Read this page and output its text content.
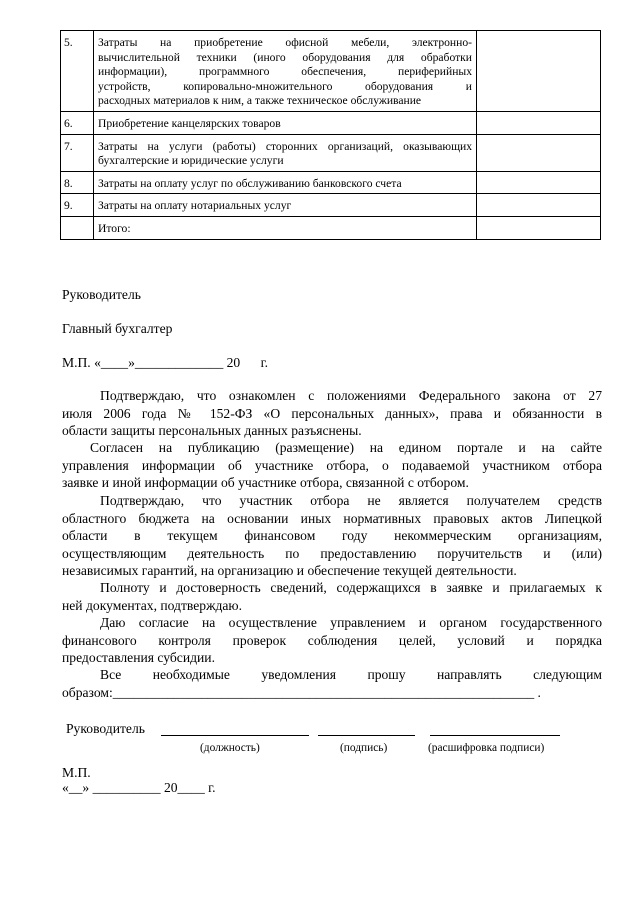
5.	Затраты на приобретение офисной мебели, электронно-
вычислительной техники (иного оборудования для обработки
информации), программного обеспечения, периферийных
устройств, копировально-множительного оборудования и
расходных материалов к ним, а также техническое обслуживание	

6.	Приобретение канцелярских товаров	

7.	Затраты на услуги (работы) сторонних организаций, оказывающих
бухгалтерские и юридические услуги	

8.	Затраты на оплату услуг по обслуживанию банковского счета	

9.	Затраты на оплату нотариальных услуг	

	Итого:	

Руководитель
Главный бухгалтер
М.П. «____»_____________ 20      г.
Подтверждаю, что ознакомлен с положениями Федерального закона от 27
июля 2006 года № 152-ФЗ «О персональных данных», права и обязанности в
области защиты персональных данных разъяснены.
Согласен на публикацию (размещение) на едином портале и на сайте
управления информации об участнике отбора, о подаваемой участником отбора
заявке и иной информации об участнике отбора, связанной с отбором.
Подтверждаю, что участник отбора не является получателем средств
областного бюджета на основании иных нормативных правовых актов Липецкой
области в текущем финансовом году некоммерческим организациям,
осуществляющим деятельность по предоставлению поручительств и (или)
независимых гарантий, на организацию и обеспечение текущей деятельности.
Полноту и достоверность сведений, содержащихся в заявке и прилагаемых к
ней документах, подтверждаю.
Даю согласие на осуществление управлением и органом государственного
финансового контроля проверок соблюдения целей, условий и порядка
предоставления субсидии.
Все необходимые уведомления прошу направлять следующим
образом:______________________________________________________________ .
Руководитель
(должность)	(подпись)	(расшифровка подписи)
М.П.
«__» __________ 20____ г.
